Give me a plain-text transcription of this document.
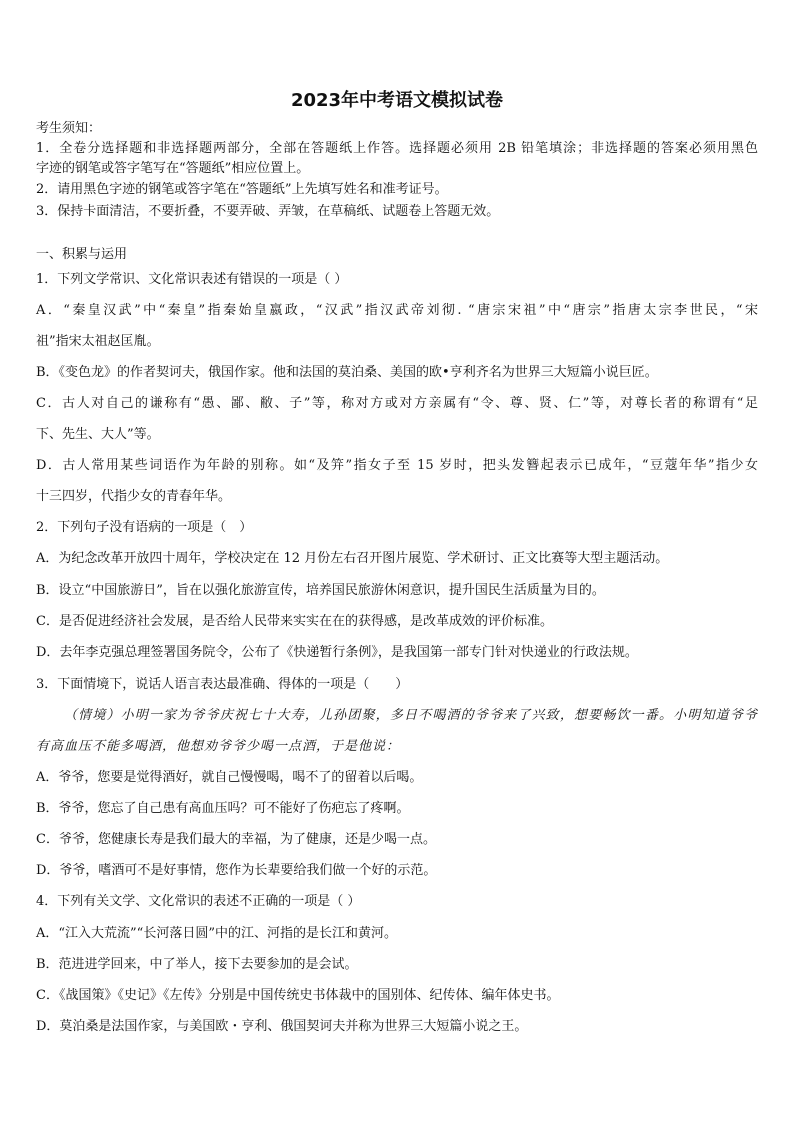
2023年中考语文模拟试卷
考生须知：
1．全卷分选择题和非选择题两部分，全部在答题纸上作答。选择题必须用 2B 铅笔填涂；非选择题的答案必须用黑色
字迹的钢笔或答字笔写在“答题纸”相应位置上。
2．请用黑色字迹的钢笔或答字笔在“答题纸”上先填写姓名和准考证号。
3．保持卡面清洁，不要折叠，不要弄破、弄皱，在草稿纸、试题卷上答题无效。
一、积累与运用
1．下列文学常识、文化常识表述有错误的一项是（ ）
A．“秦皇汉武”中“秦皇”指秦始皇嬴政，“汉武”指汉武帝刘彻. “唐宗宋祖”中“唐宗”指唐太宗李世民，“宋
祖”指宋太祖赵匡胤。
B．《变色龙》的作者契诃夫，俄国作家。他和法国的莫泊桑、美国的欧•亨利齐名为世界三大短篇小说巨匠。
C．古人对自己的谦称有“愚、鄙、敝、子”等，称对方或对方亲属有“令、尊、贤、仁”等，对尊长者的称谓有“足
下、先生、大人”等。
D．古人常用某些词语作为年龄的别称。如“及笄”指女子至 15 岁时，把头发簪起表示已成年，“豆蔻年华”指少女
十三四岁，代指少女的青春年华。
2．下列句子没有语病的一项是（　）
A．为纪念改革开放四十周年，学校决定在 12 月份左右召开图片展览、学术研讨、正文比赛等大型主题活动。
B．设立“中国旅游日”，旨在以强化旅游宣传，培养国民旅游休闲意识，提升国民生活质量为目的。
C．是否促进经济社会发展，是否给人民带来实实在在的获得感，是改革成效的评价标准。
D．去年李克强总理签署国务院令，公布了《快递暂行条例》，是我国第一部专门针对快递业的行政法规。
3．下面情境下，说话人语言表达最准确、得体的一项是（　　）
（情境）小明一家为爷爷庆祝七十大寿，儿孙团聚，多日不喝酒的爷爷来了兴致，想要畅饮一番。小明知道爷爷
有高血压不能多喝酒，他想劝爷爷少喝一点酒，于是他说：
A．爷爷，您要是觉得酒好，就自己慢慢喝，喝不了的留着以后喝。
B．爷爷，您忘了自己患有高血压吗？可不能好了伤疤忘了疼啊。
C．爷爷，您健康长寿是我们最大的幸福，为了健康，还是少喝一点。
D．爷爷，嗜酒可不是好事情，您作为长辈要给我们做一个好的示范。
4．下列有关文学、文化常识的表述不正确的一项是（ ）
A．“江入大荒流”“长河落日圆”中的江、河指的是长江和黄河。
B．范进进学回来，中了举人，接下去要参加的是会试。
C．《战国策》《史记》《左传》分别是中国传统史书体裁中的国别体、纪传体、编年体史书。
D．莫泊桑是法国作家，与美国欧・亨利、俄国契诃夫并称为世界三大短篇小说之王。
